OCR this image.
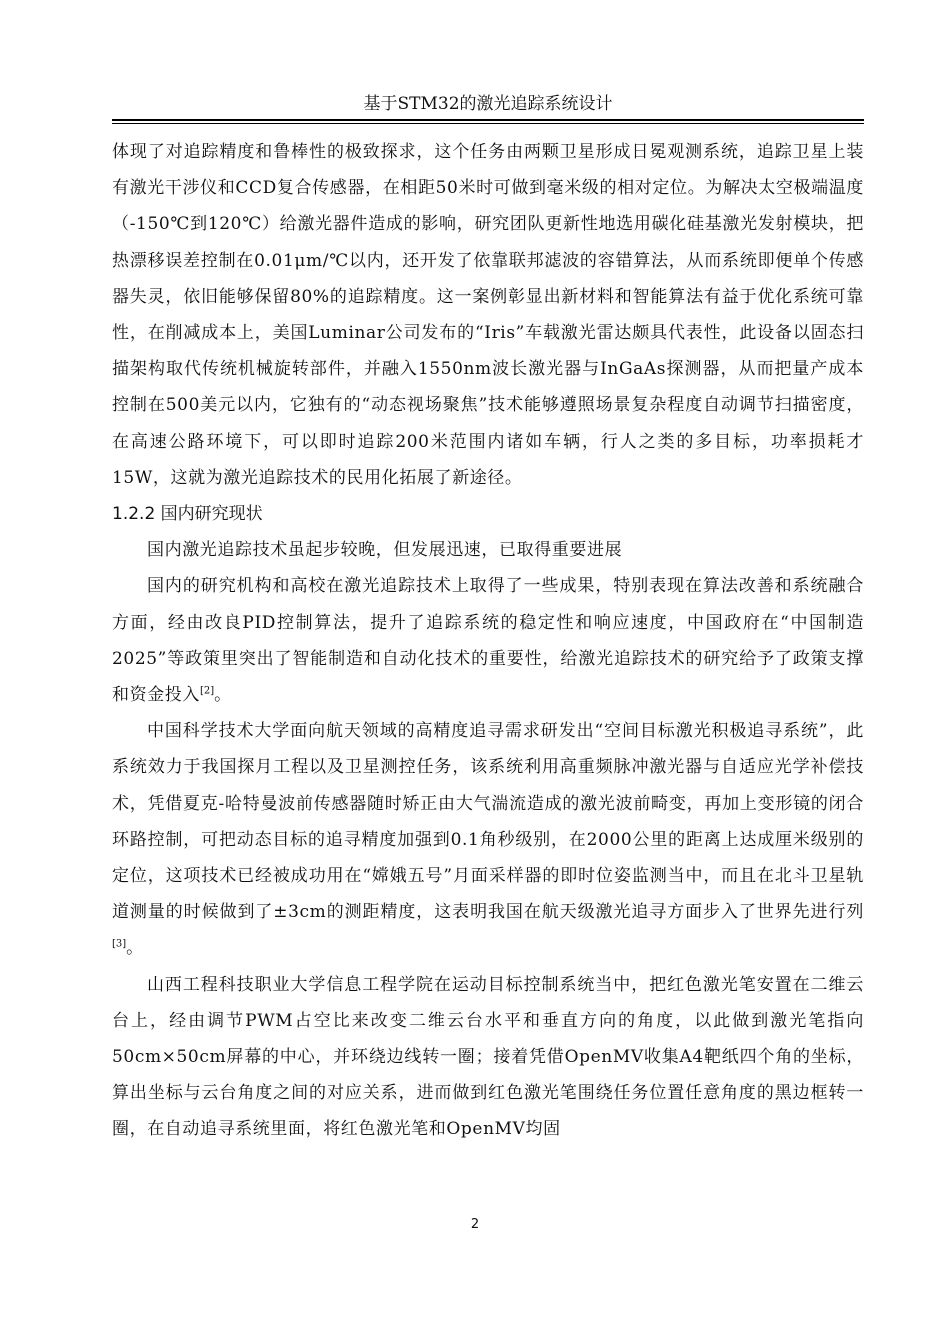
基于STM32的激光追踪系统设计

体现了对追踪精度和鲁棒性的极致探求，这个任务由两颗卫星形成日冕观测系统，追踪卫星上装有激光干涉仪和CCD复合传感器，在相距50米时可做到毫米级的相对定位。为解决太空极端温度（-150℃到120℃）给激光器件造成的影响，研究团队更新性地选用碳化硅基激光发射模块，把热漂移误差控制在0.01μm/℃以内，还开发了依靠联邦滤波的容错算法，从而系统即便单个传感器失灵，依旧能够保留80%的追踪精度。这一案例彰显出新材料和智能算法有益于优化系统可靠性，在削减成本上，美国Luminar公司发布的“Iris”车载激光雷达颇具代表性，此设备以固态扫描架构取代传统机械旋转部件，并融入1550nm波长激光器与InGaAs探测器，从而把量产成本控制在500美元以内，它独有的“动态视场聚焦”技术能够遵照场景复杂程度自动调节扫描密度，在高速公路环境下，可以即时追踪200米范围内诸如车辆，行人之类的多目标，功率损耗才15W，这就为激光追踪技术的民用化拓展了新途径。

1.2.2 国内研究现状

国内激光追踪技术虽起步较晚，但发展迅速，已取得重要进展

国内的研究机构和高校在激光追踪技术上取得了一些成果，特别表现在算法改善和系统融合方面，经由改良PID控制算法，提升了追踪系统的稳定性和响应速度，中国政府在“中国制造2025”等政策里突出了智能制造和自动化技术的重要性，给激光追踪技术的研究给予了政策支撑和资金投入[2]。

中国科学技术大学面向航天领域的高精度追寻需求研发出“空间目标激光积极追寻系统”，此系统效力于我国探月工程以及卫星测控任务，该系统利用高重频脉冲激光器与自适应光学补偿技术，凭借夏克-哈特曼波前传感器随时矫正由大气湍流造成的激光波前畸变，再加上变形镜的闭合环路控制，可把动态目标的追寻精度加强到0.1角秒级别，在2000公里的距离上达成厘米级别的定位，这项技术已经被成功用在“嫦娥五号”月面采样器的即时位姿监测当中，而且在北斗卫星轨道测量的时候做到了±3cm的测距精度，这表明我国在航天级激光追寻方面步入了世界先进行列[3]。

山西工程科技职业大学信息工程学院在运动目标控制系统当中，把红色激光笔安置在二维云台上，经由调节PWM占空比来改变二维云台水平和垂直方向的角度，以此做到激光笔指向50cm×50cm屏幕的中心，并环绕边线转一圈；接着凭借OpenMV收集A4靶纸四个角的坐标，算出坐标与云台角度之间的对应关系，进而做到红色激光笔围绕任务位置任意角度的黑边框转一圈，在自动追寻系统里面，将红色激光笔和OpenMV均固

2
